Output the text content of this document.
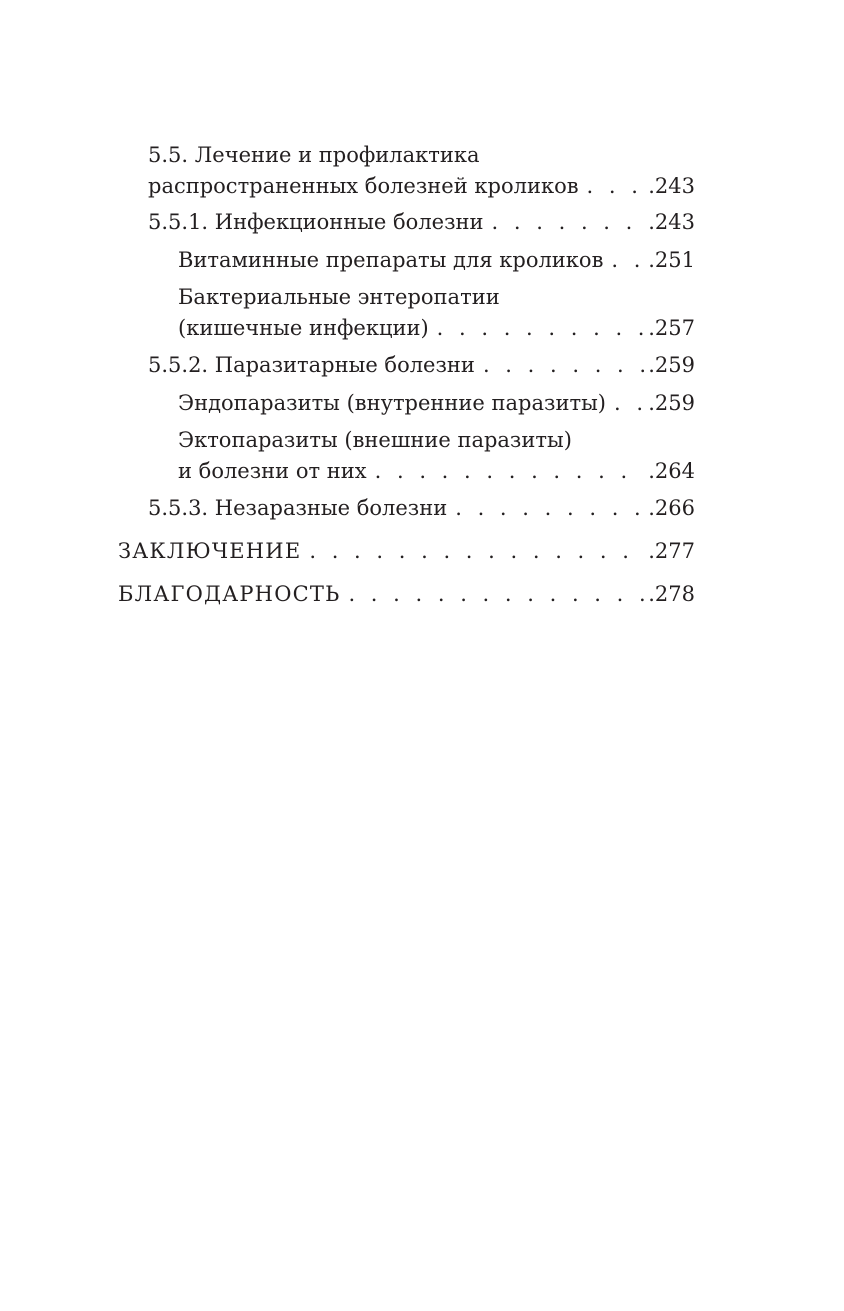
5.5. Лечение и профилактика
распространенных болезней кроликов . . .	.243
5.5.1. Инфекционные болезни . . .	.243
Витаминные препараты для кроликов . . . .251
Бактериальные энтеропатии
(кишечные инфекции) . . .	.257
5.5.2. Паразитарные болезни . . .	.259
Эндопаразиты (внутренние паразиты) . . . .259
Эктопаразиты (внешние паразиты)
и болезни от них . . .	.264
5.5.3. Незаразные болезни . . .	.266
ЗАКЛЮЧЕНИЕ . . .	.277
БЛАГОДАРНОСТЬ . . .	.278
